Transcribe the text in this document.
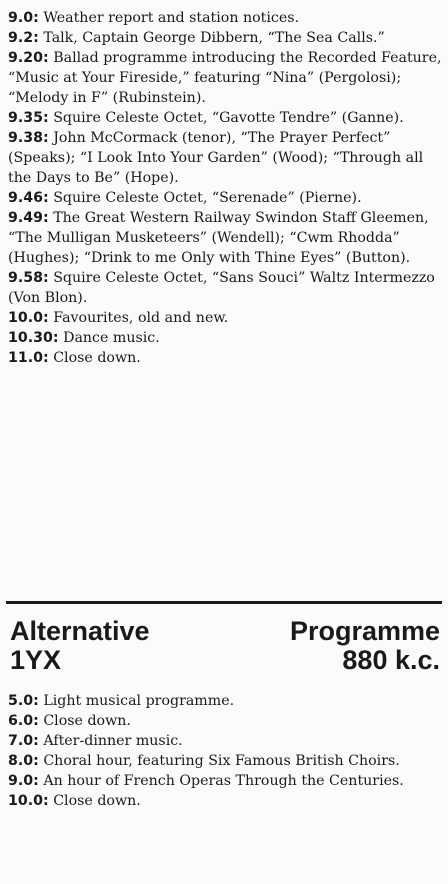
9.0: Weather report and station notices.

9.2: Talk, Captain George Dibbern, “The Sea Calls.”

9.20: Ballad programme introducing the Recorded Feature, “Music at Your Fireside,” featuring “Nina” (Pergolosi); “Melody in F” (Rubinstein).

9.35: Squire Celeste Octet, “Gavotte Tendre” (Ganne).

9.38: John McCormack (tenor), “The Prayer Perfect” (Speaks); “I Look Into Your Garden” (Wood); “Through all the Days to Be” (Hope).

9.46: Squire Celeste Octet, “Serenade” (Pierne).

9.49: The Great Western Railway Swindon Staff Gleemen, “The Mulligan Musketeers” (Wendell); “Cwm Rhodda” (Hughes); “Drink to me Only with Thine Eyes” (Button).

9.58: Squire Celeste Octet, “Sans Souci” Waltz Intermezzo (Von Blon).

10.0: Favourites, old and new.

10.30: Dance music.

11.0: Close down.

Alternative	Programme
1YX	880 k.c.

5.0: Light musical programme.

6.0: Close down.

7.0: After-dinner music.

8.0: Choral hour, featuring Six Famous British Choirs.

9.0: An hour of French Operas Through the Centuries.

10.0: Close down.
